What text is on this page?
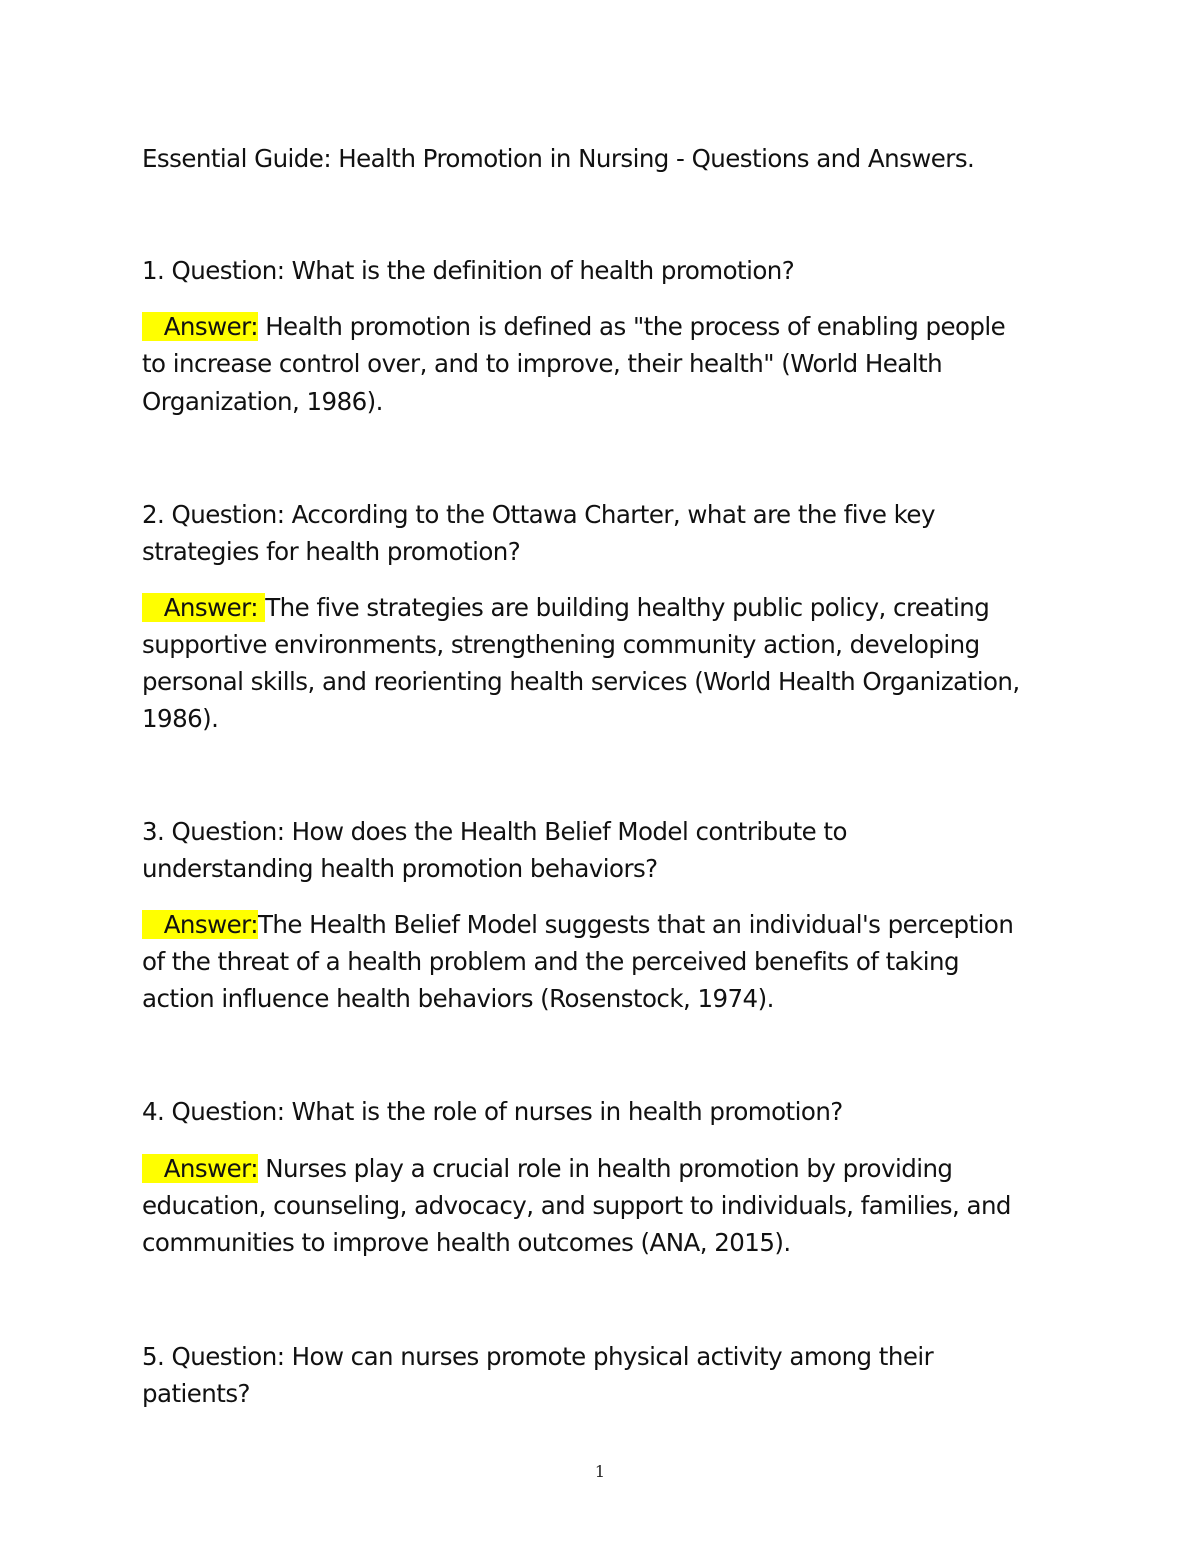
Essential Guide: Health Promotion in Nursing - Questions and Answers.
1. Question: What is the definition of health promotion?
Answer: Health promotion is defined as "the process of enabling people
to increase control over, and to improve, their health" (World Health
Organization, 1986).
2. Question: According to the Ottawa Charter, what are the five key
strategies for health promotion?
Answer: The five strategies are building healthy public policy, creating
supportive environments, strengthening community action, developing
personal skills, and reorienting health services (World Health Organization,
1986).
3. Question: How does the Health Belief Model contribute to
understanding health promotion behaviors?
Answer:The Health Belief Model suggests that an individual's perception
of the threat of a health problem and the perceived benefits of taking
action influence health behaviors (Rosenstock, 1974).
4. Question: What is the role of nurses in health promotion?
Answer: Nurses play a crucial role in health promotion by providing
education, counseling, advocacy, and support to individuals, families, and
communities to improve health outcomes (ANA, 2015).
5. Question: How can nurses promote physical activity among their
patients?
1
